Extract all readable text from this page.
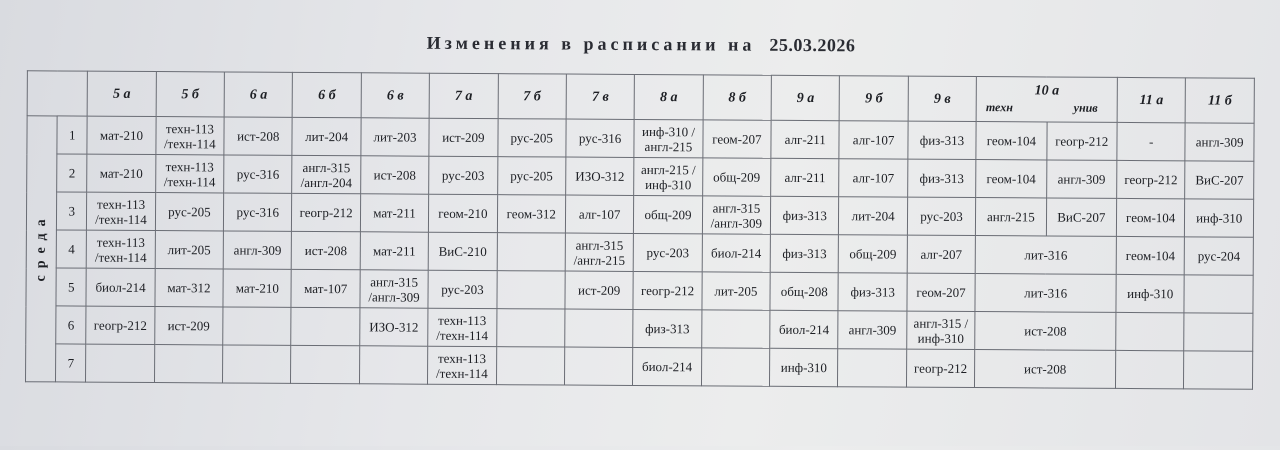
Изменения в расписании на 25.03.2026
		5 а	5 б	6 а	6 б	6 в	7 а	7 б	7 в	8 а	8 б	9 а	9 б	9 в	10 а
техн унив		11 а	11 б
среда	1	мат-210	техн-113
/техн-114	ист-208	лит-204	лит-203	ист-209	рус-205	рус-316	инф-310 /
англ-215	геом-207	алг-211	алг-107	физ-313	геом-104	геогр-212	-	англ-309
	2	мат-210	техн-113
/техн-114	рус-316	англ-315
/англ-204	ист-208	рус-203	рус-205	ИЗО-312	англ-215 /
инф-310	общ-209	алг-211	алг-107	физ-313	геом-104	англ-309	геогр-212	ВиС-207
	3	техн-113
/техн-114	рус-205	рус-316	геогр-212	мат-211	геом-210	геом-312	алг-107	общ-209	англ-315
/англ-309	физ-313	лит-204	рус-203	англ-215	ВиС-207	геом-104	инф-310
	4	техн-113
/техн-114	лит-205	англ-309	ист-208	мат-211	ВиС-210		англ-315
/англ-215	рус-203	биол-214	физ-313	общ-209	алг-207	лит-316		геом-104	рус-204
	5	биол-214	мат-312	мат-210	мат-107	англ-315
/англ-309	рус-203		ист-209	геогр-212	лит-205	общ-208	физ-313	геом-207	лит-316		инф-310	
	6	геогр-212	ист-209			ИЗО-312	техн-113
/техн-114			физ-313		биол-214	англ-309	англ-315 /
инф-310	ист-208			
	7						техн-113
/техн-114			биол-214		инф-310		геогр-212	ист-208			
